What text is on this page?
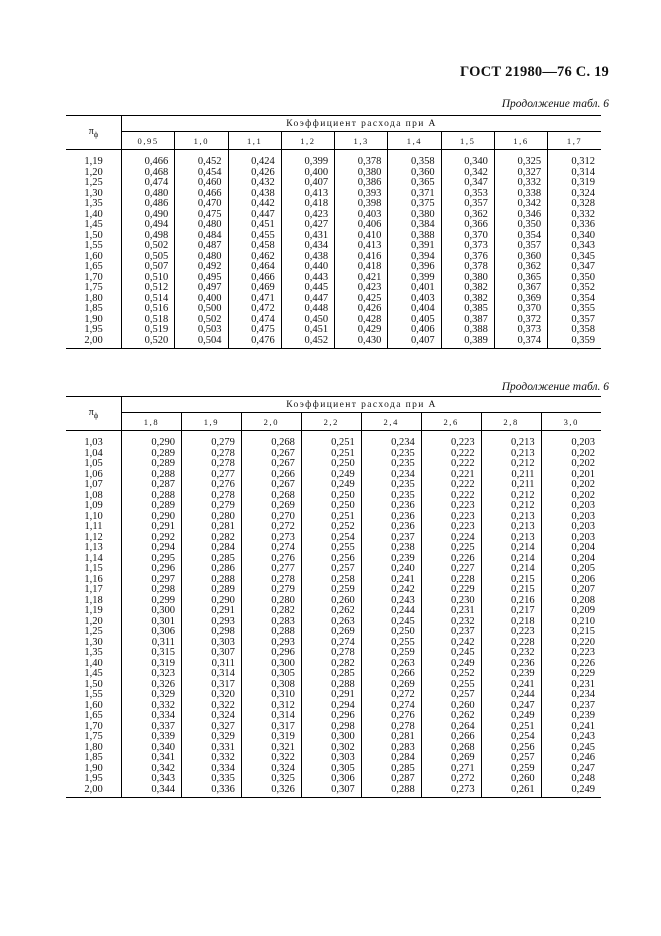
ГОСТ 21980—76 С. 19
Продолжение табл. 6
$\pi_ф$	Коэффициент расхода при A								
	0,95	1,0	1,1	1,2	1,3	1,4	1,5	1,6	1,7
1,19	0,466	0,452	0,424	0,399	0,378	0,358	0,340	0,325	0,312
1,20	0,468	0,454	0,426	0,400	0,380	0,360	0,342	0,327	0,314
1,25	0,474	0,460	0,432	0,407	0,386	0,365	0,347	0,332	0,319
1,30	0,480	0,466	0,438	0,413	0,393	0,371	0,353	0,338	0,324
1,35	0,486	0,470	0,442	0,418	0,398	0,375	0,357	0,342	0,328
1,40	0,490	0,475	0,447	0,423	0,403	0,380	0,362	0,346	0,332
1,45	0,494	0,480	0,451	0,427	0,406	0,384	0,366	0,350	0,336
1,50	0,498	0,484	0,455	0,431	0,410	0,388	0,370	0,354	0,340
1,55	0,502	0,487	0,458	0,434	0,413	0,391	0,373	0,357	0,343
1,60	0,505	0,480	0,462	0,438	0,416	0,394	0,376	0,360	0,345
1,65	0,507	0,492	0,464	0,440	0,418	0,396	0,378	0,362	0,347
1,70	0,510	0,495	0,466	0,443	0,421	0,399	0,380	0,365	0,350
1,75	0,512	0,497	0,469	0,445	0,423	0,401	0,382	0,367	0,352
1,80	0,514	0,400	0,471	0,447	0,425	0,403	0,382	0,369	0,354
1,85	0,516	0,500	0,472	0,448	0,426	0,404	0,385	0,370	0,355
1,90	0,518	0,502	0,474	0,450	0,428	0,405	0,387	0,372	0,357
1,95	0,519	0,503	0,475	0,451	0,429	0,406	0,388	0,373	0,358
2,00	0,520	0,504	0,476	0,452	0,430	0,407	0,389	0,374	0,359
Продолжение табл. 6
$\pi_ф$	Коэффициент расхода при A							
	1,8	1,9	2,0	2,2	2,4	2,6	2,8	3,0
1,03	0,290	0,279	0,268	0,251	0,234	0,223	0,213	0,203
1,04	0,289	0,278	0,267	0,251	0,235	0,222	0,213	0,202
1,05	0,289	0,278	0,267	0,250	0,235	0,222	0,212	0,202
1,06	0,288	0,277	0,266	0,249	0,234	0,221	0,211	0,201
1,07	0,287	0,276	0,267	0,249	0,235	0,222	0,211	0,202
1,08	0,288	0,278	0,268	0,250	0,235	0,222	0,212	0,202
1,09	0,289	0,279	0,269	0,250	0,236	0,223	0,212	0,203
1,10	0,290	0,280	0,270	0,251	0,236	0,223	0,213	0,203
1,11	0,291	0,281	0,272	0,252	0,236	0,223	0,213	0,203
1,12	0,292	0,282	0,273	0,254	0,237	0,224	0,213	0,203
1,13	0,294	0,284	0,274	0,255	0,238	0,225	0,214	0,204
1,14	0,295	0,285	0,276	0,256	0,239	0,226	0,214	0,204
1,15	0,296	0,286	0,277	0,257	0,240	0,227	0,214	0,205
1,16	0,297	0,288	0,278	0,258	0,241	0,228	0,215	0,206
1,17	0,298	0,289	0,279	0,259	0,242	0,229	0,215	0,207
1,18	0,299	0,290	0,280	0,260	0,243	0,230	0,216	0,208
1,19	0,300	0,291	0,282	0,262	0,244	0,231	0,217	0,209
1,20	0,301	0,293	0,283	0,263	0,245	0,232	0,218	0,210
1,25	0,306	0,298	0,288	0,269	0,250	0,237	0,223	0,215
1,30	0,311	0,303	0,293	0,274	0,255	0,242	0,228	0,220
1,35	0,315	0,307	0,296	0,278	0,259	0,245	0,232	0,223
1,40	0,319	0,311	0,300	0,282	0,263	0,249	0,236	0,226
1,45	0,323	0,314	0,305	0,285	0,266	0,252	0,239	0,229
1,50	0,326	0,317	0,308	0,288	0,269	0,255	0,241	0,231
1,55	0,329	0,320	0,310	0,291	0,272	0,257	0,244	0,234
1,60	0,332	0,322	0,312	0,294	0,274	0,260	0,247	0,237
1,65	0,334	0,324	0,314	0,296	0,276	0,262	0,249	0,239
1,70	0,337	0,327	0,317	0,298	0,278	0,264	0,251	0,241
1,75	0,339	0,329	0,319	0,300	0,281	0,266	0,254	0,243
1,80	0,340	0,331	0,321	0,302	0,283	0,268	0,256	0,245
1,85	0,341	0,332	0,322	0,303	0,284	0,269	0,257	0,246
1,90	0,342	0,334	0,324	0,305	0,285	0,271	0,259	0,247
1,95	0,343	0,335	0,325	0,306	0,287	0,272	0,260	0,248
2,00	0,344	0,336	0,326	0,307	0,288	0,273	0,261	0,249
